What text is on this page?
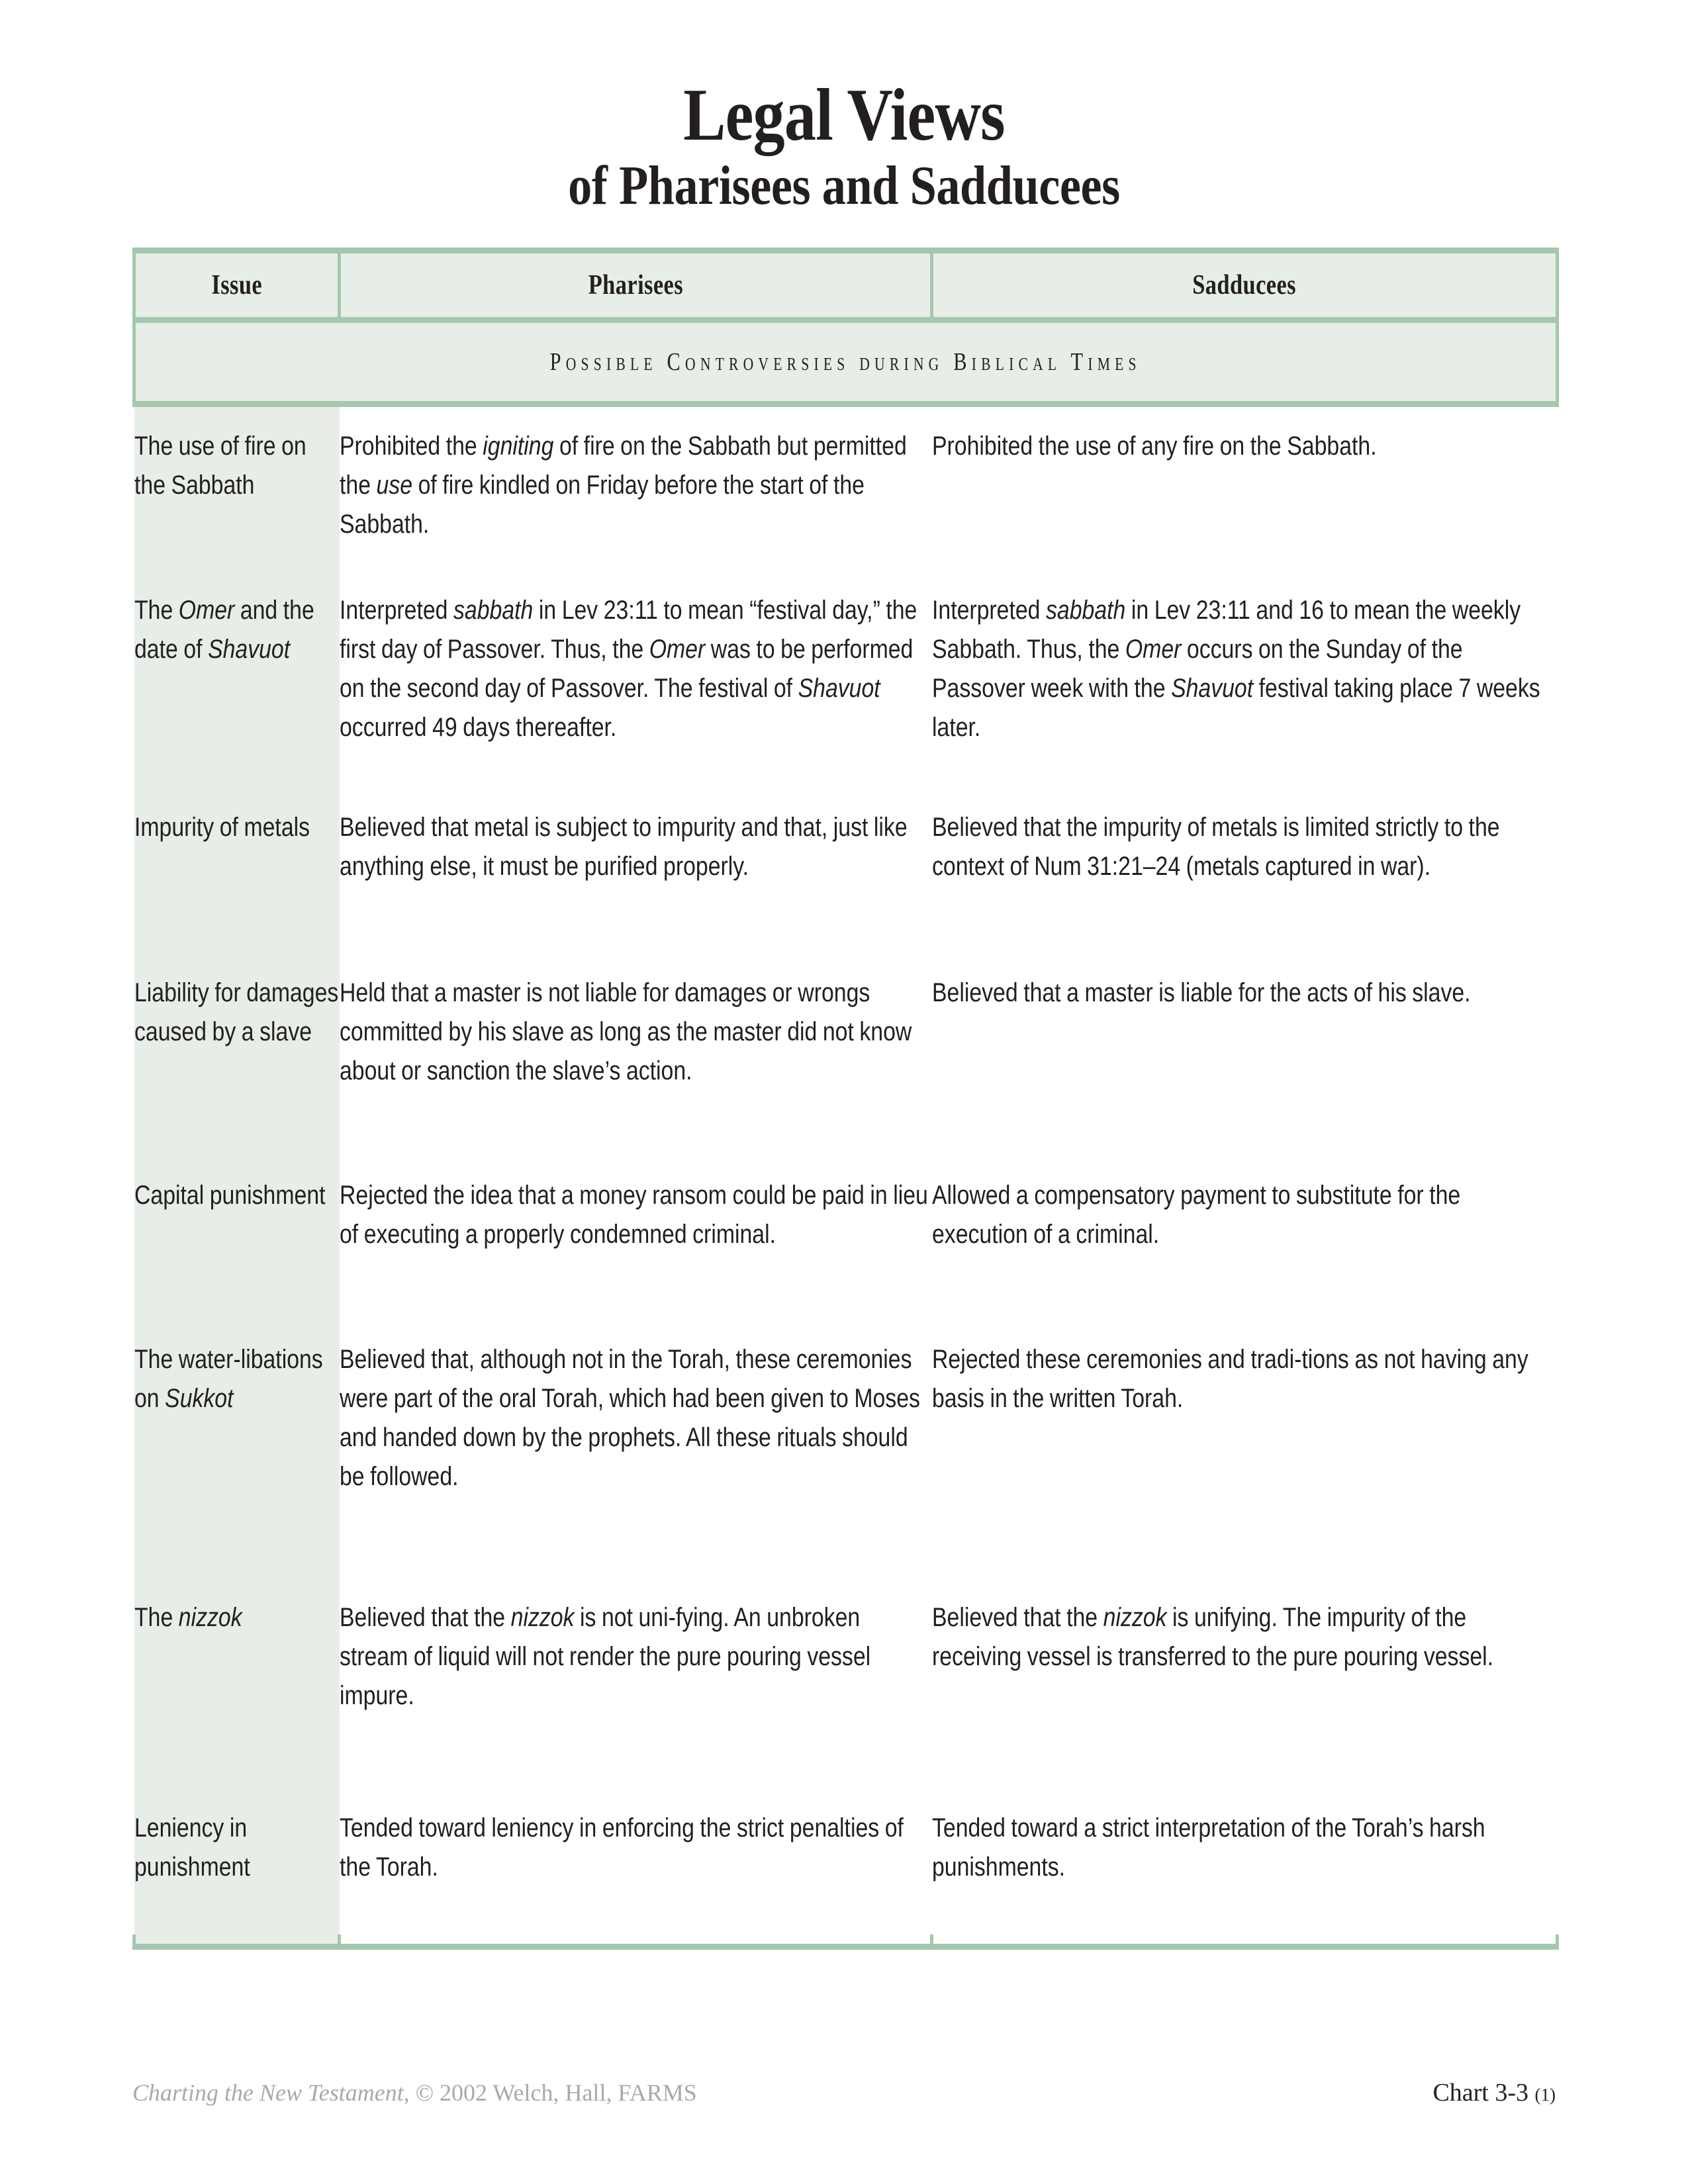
Legal Views
of Pharisees and Sadducees
Issue	Pharisees	Sadducees
Possible Controversies during Biblical Times		

The use of fire on the Sabbath	Prohibited the igniting of fire on the Sabbath but permitted the use of fire kindled on Friday before the start of the Sabbath.	Prohibited the use of any fire on the Sabbath.

The Omer and the date of Shavuot	Interpreted sabbath in Lev 23:11 to mean “festival day,” the first day of Passover. Thus, the Omer was to be performed on the second day of Passover. The festival of Shavuot occurred 49 days thereafter.	Interpreted sabbath in Lev 23:11 and 16 to mean the weekly Sabbath. Thus, the Omer occurs on the Sunday of the Passover week with the Shavuot festival taking place 7 weeks later.

Impurity of metals	Believed that metal is subject to impurity and that, just like anything else, it must be purified properly.	Believed that the impurity of metals is limited strictly to the context of Num 31:21–24 (metals captured in war).

Liability for damages caused by a slave	Held that a master is not liable for damages or wrongs committed by his slave as long as the master did not know about or sanction the slave’s action.	Believed that a master is liable for the acts of his slave.

Capital punishment	Rejected the idea that a money ransom could be paid in lieu of executing a properly condemned criminal.	Allowed a compensatory payment to substitute for the execution of a criminal.

The water-libations on Sukkot	Believed that, although not in the Torah, these ceremonies were part of the oral Torah, which had been given to Moses and handed down by the prophets. All these rituals should be followed.	Rejected these ceremonies and tradi-tions as not having any basis in the written Torah.

The nizzok	Believed that the nizzok is not uni-fying. An unbroken stream of liquid will not render the pure pouring vessel impure.	Believed that the nizzok is unifying. The impurity of the receiving vessel is transferred to the pure pouring vessel.

Leniency in punishment	Tended toward leniency in enforcing the strict penalties of the Torah.	Tended toward a strict interpretation of the Torah’s harsh punishments.

Charting the New Testament, © 2002 Welch, Hall, FARMS	Chart 3-3 (1)
